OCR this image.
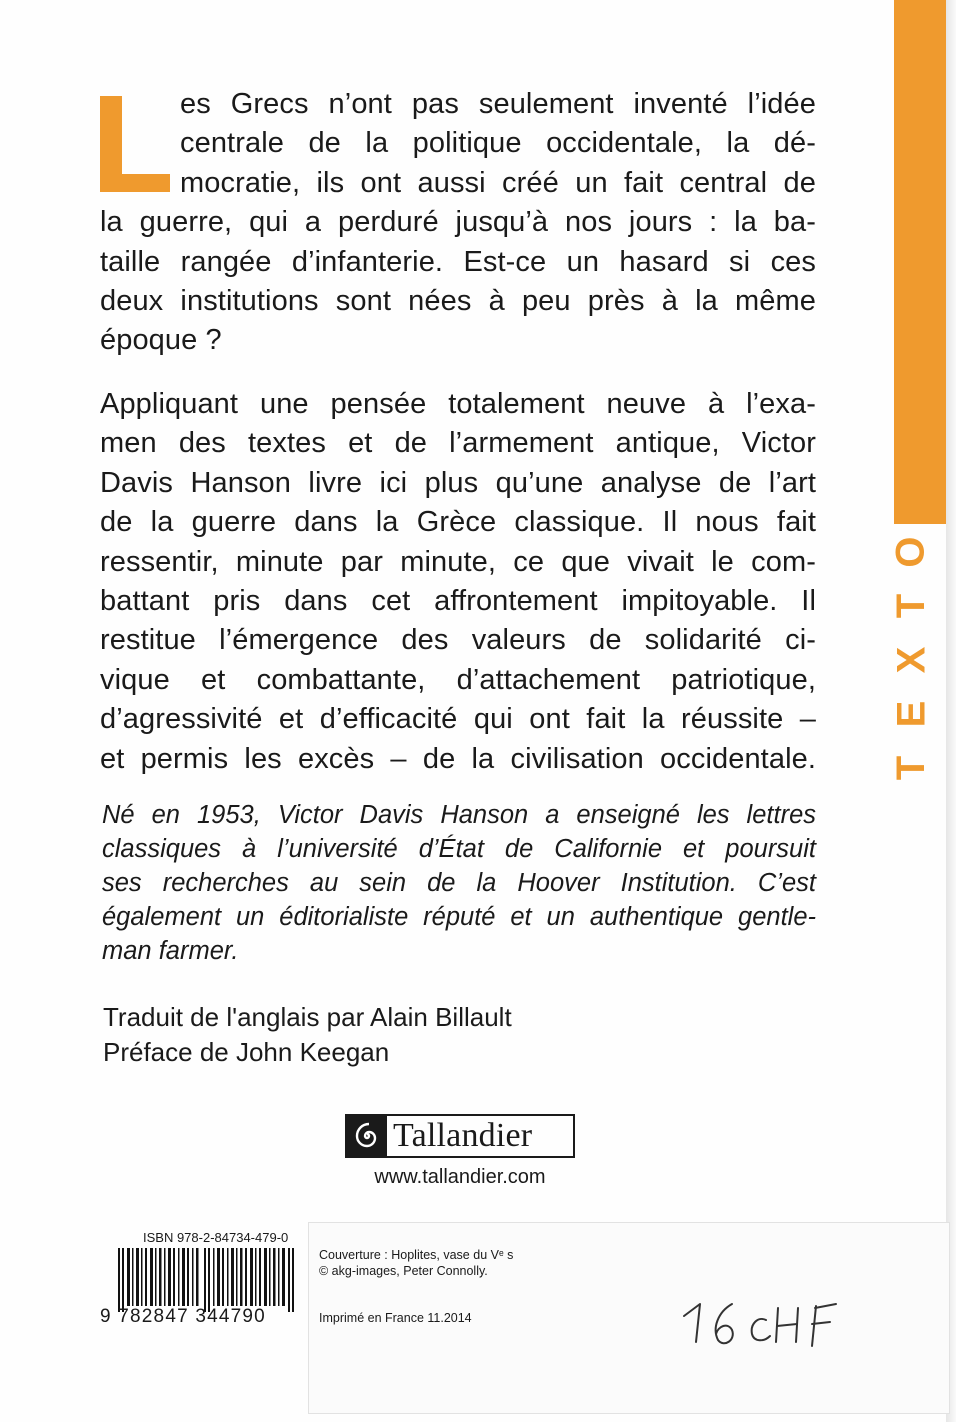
O
T
X
E
T
es Grecs n’ont pas seulement inventé l’idée
centrale de la politique occidentale, la dé-
mocratie, ils ont aussi créé un fait central de
la guerre, qui a perduré jusqu’à nos jours : la ba-
taille rangée d’infanterie. Est-ce un hasard si ces
deux institutions sont nées à peu près à la même
époque ?
Appliquant une pensée totalement neuve à l’exa-
men des textes et de l’armement antique, Victor
Davis Hanson livre ici plus qu’une analyse de l’art
de la guerre dans la Grèce classique. Il nous fait
ressentir, minute par minute, ce que vivait le com-
battant pris dans cet affrontement impitoyable. Il
restitue l’émergence des valeurs de solidarité ci-
vique et combattante, d’attachement patriotique,
d’agressivité et d’efficacité qui ont fait la réussite –
et permis les excès – de la civilisation occidentale.
Né en 1953, Victor Davis Hanson a enseigné les lettres
classiques à l’université d’État de Californie et poursuit
ses recherches au sein de la Hoover Institution. C’est
également un éditorialiste réputé et un authentique gentle-
man farmer.
Traduit de l'anglais par Alain Billault
Préface de John Keegan
Tallandier
www.tallandier.com
ISBN 978-2-84734-479-0
9 782847 344790
Couverture : Hoplites, vase du Vᵉ s
© akg-images, Peter Connolly.
Imprimé en France 11.2014
